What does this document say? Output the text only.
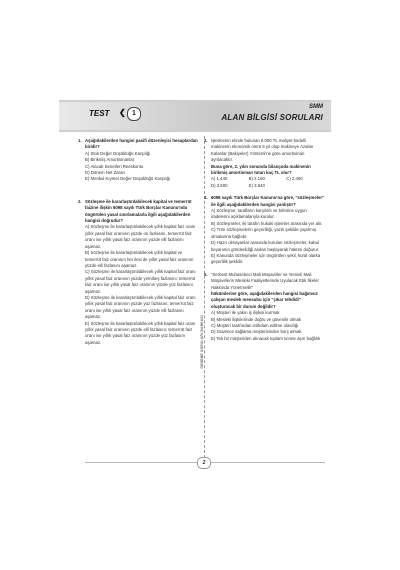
TEST ❮ 1
SMM
ALAN BİLGİSİ SORULARI
DENEME SORULARI BANKASI
1. Aşağıdakilerden hangisi pasifi düzenleyici hesaplardan biridir?
A) Stok Değer Düşüklüğü Karşılığı
B) Birikmiş Amortismanlar
C) Alacak Senetleri Reeskontu
D) Dönem Net Zararı
E) Menkul Kıymet Değer Düşüklüğü Karşılığı
2. Sözleşme ile kararlaştırılabilecek kapital ve temerrüt faizine ilişkin 6098 sayılı Türk Borçlar Kanunu'nda öngörülen yasal sınırlamalarla ilgili aşağıdakilerden hangisi doğrudur?
A) Sözleşme ile kararlaştırılabilecek yıllık kapital faiz oranı yıllık yasal faiz oranının yüzde on fazlasını, temerrüt faiz oranı ise yıllık yasal faiz oranının yüzde elli fazlasını aşamaz.
B) Sözleşme ile kararlaştırılabilecek yıllık kapital ve temerrüt faiz oranının her ikisi de yıllık yasal faiz oranının yüzde elli fazlasını aşamaz.
C) Sözleşme ile kararlaştırılabilecek yıllık kapital faiz oranı yıllık yasal faiz oranının yüzde yirmibeş fazlasını; temerrüt faiz oranı ise yıllık yasal faiz oranının yüzde yüz fazlasını aşamaz.
D) Sözleşme ile kararlaştırılabilecek yıllık kapital faiz oranı yıllık yasal faiz oranının yüzde yüz fazlasını; temerrüt faiz oranı ise yıllık yasal faiz oranının yüzde elli fazlasını aşamaz.
E) Sözleşme ile kararlaştırılabilecek yıllık kapital faiz oranı yıllık yasal faiz oranının yüzde elli fazlasını; temerrüt faiz oranı ise yıllık yasal faiz oranının yüzde yüz fazlasını aşamaz.
3. İşletmenin elinde bulunan 8.000 TL maliyet bedelli makinenin ekonomik ömrü 5 yıl olup makineye Azalan Kalanlar (Bakiyeler) Yöntemi'ne göre amortisman ayrılacaktır.
Buna göre, 2. yılın sonunda bilançoda makinenin birikmiş amortisman tutarı kaç TL olur?
A) 1.440	B) 2.160	C) 2.400
D) 3.600	E) 3.840
4. 6098 sayılı Türk Borçlar Kanunu'na göre, "sözleşmeler" ile ilgili aşağıdakilerden hangisi yanlıştır?
A) Sözleşme; tarafların karşılıklı ve birbirine uygun iradelerini açıklamalarıyla kurulur.
B) Sözleşmeler, iki tarafın hukuki işlemler arasında yer alır.
C) Tüm sözleşmelerin geçerliliği, yazılı şekilde yapılmış olmalarına bağlıdır.
D) Hazır olmayanlar arasında kurulan sözleşmeler, kabul beyanının gönderildiği andan başlayarak hüküm doğurur.
E) Kanunda sözleşmeler için öngörülen şekil, kural olarka geçerlilik şeklidir.
5. "Serbest Muhasebeci Mali Müşavirler ve Yeminli Mali Müşavirlerin Mesleki Faaliyetlerinde Uyulacak Etik İlkeler Hakkında Yönetmelik"
hükümlerine göre, aşağıdakilerden hangisi bağımsız çalışan meslek mensubu için "çıkar tehdidi" oluşturacak bir durum değildir?
A) Müşteri ile yakın iş ilişkisi kurmak
B) Mesleki ilişkilerinde doğru ve güvenilir olmak
C) Müşteri tarafından istihdam edilme olasılığı
D) Güvence sağlama müşterisinden borç almak
E) Tek bir müşteriden alınacak toplam ücrete aşırı bağlılık
2
